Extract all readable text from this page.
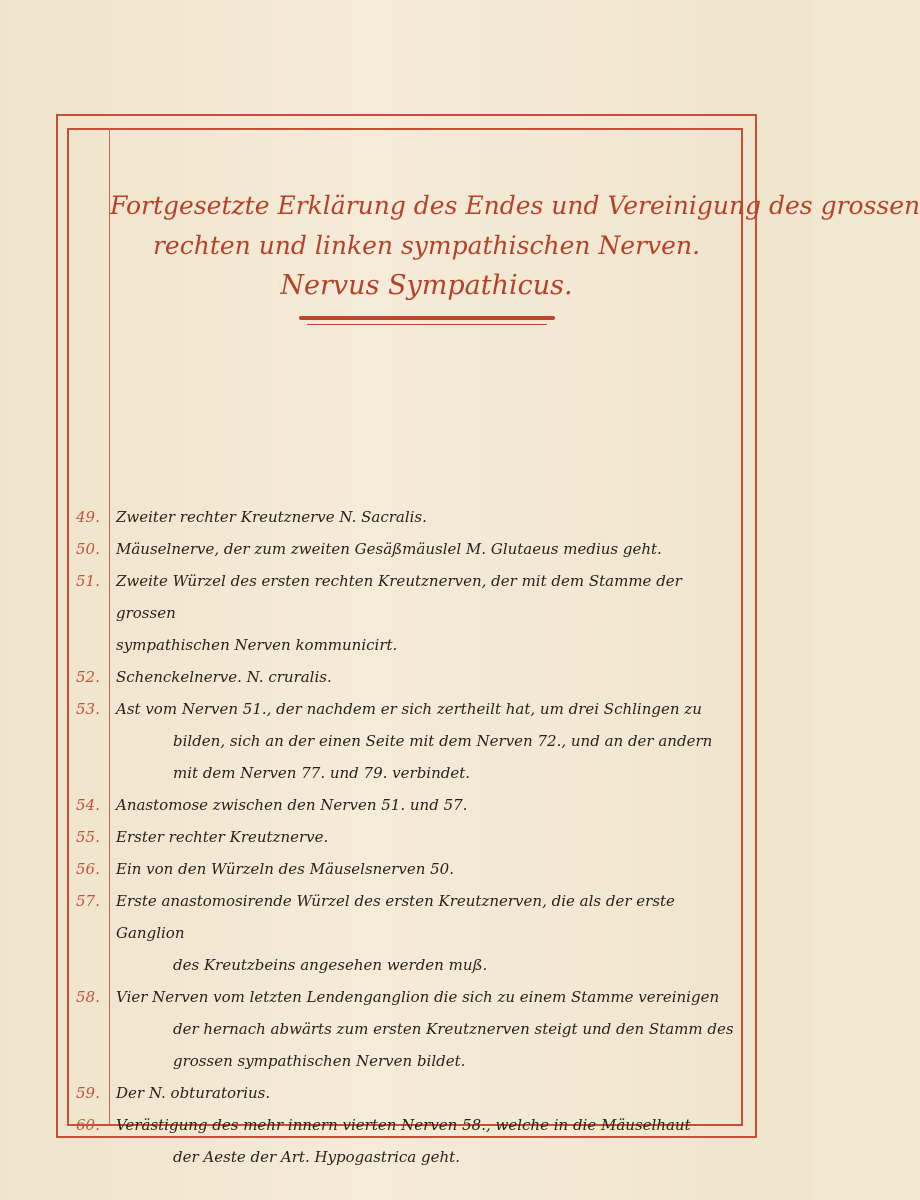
Fortgesetzte Erklärung des Endes und Vereinigung des grossen
rechten und linken sympathischen Nerven.
Nervus Sympathicus.
49.	Zweiter rechter Kreutznerve N. Sacralis.
50.	Mäuselnerve, der zum zweiten Gesäßmäuslel M. Glutaeus medius geht.
51.	Zweite Würzel des ersten rechten Kreutznerven, der mit dem Stamme der grossen
sympathischen Nerven kommunicirt.
52.	Schenckelnerve. N. cruralis.
53.	Ast vom Nerven 51., der nachdem er sich zertheilt hat, um drei Schlingen zu
bilden, sich an der einen Seite mit dem Nerven 72., und an der andern
mit dem Nerven 77. und 79. verbindet.
54.	Anastomose zwischen den Nerven 51. und 57.
55.	Erster rechter Kreutznerve.
56.	Ein von den Würzeln des Mäuselsnerven 50.
57.	Erste anastomosirende Würzel des ersten Kreutznerven, die als der erste Ganglion
des Kreutzbeins angesehen werden muß.
58.	Vier Nerven vom letzten Lendenganglion die sich zu einem Stamme vereinigen
der hernach abwärts zum ersten Kreutznerven steigt und den Stamm des
grossen sympathischen Nerven bildet.
59.	Der N. obturatorius.
60.	Verästigung des mehr innern vierten Nerven 58., welche in die Mäuselhaut
der Aeste der Art. Hypogastrica geht.
